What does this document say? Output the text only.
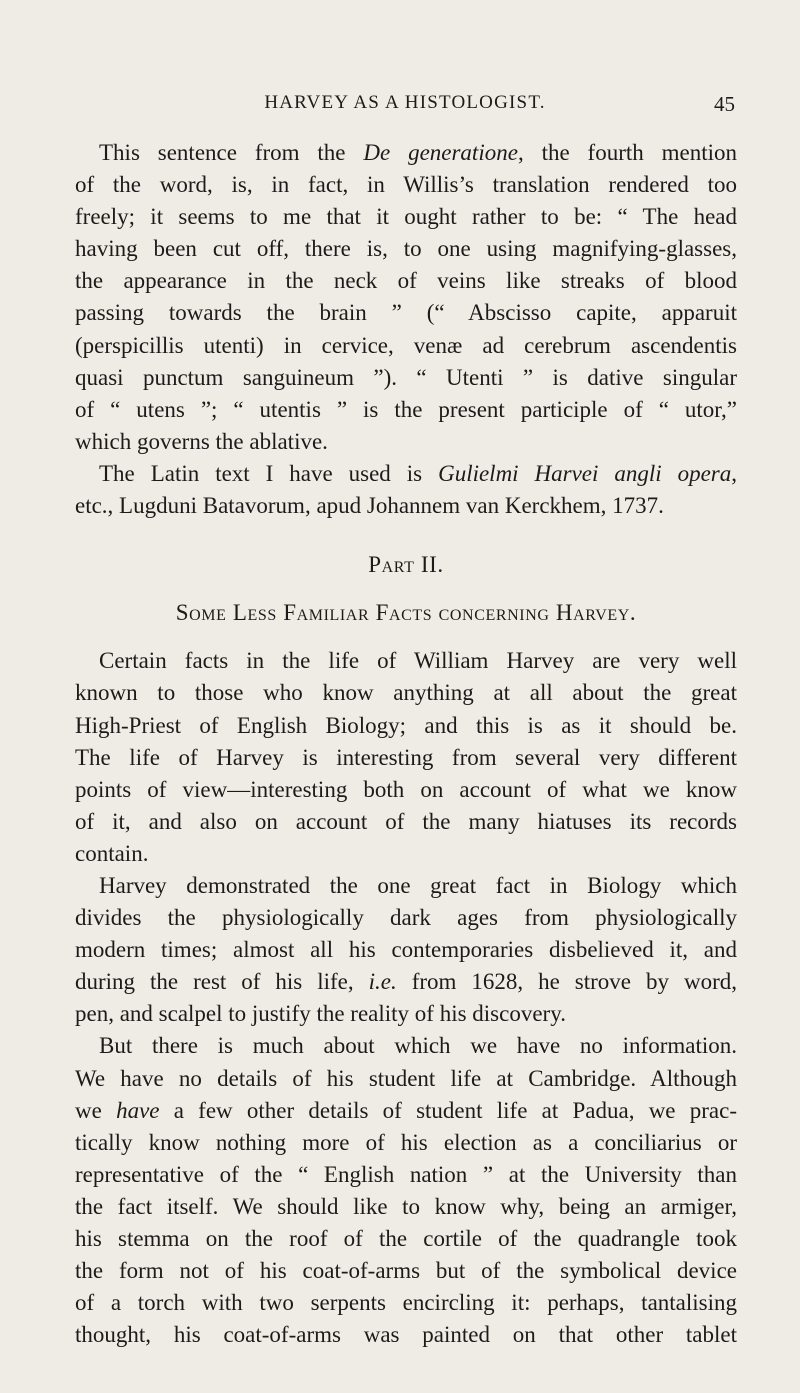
HARVEY AS A HISTOLOGIST.	45
This sentence from the De generatione, the fourth mention
of the word, is, in fact, in Willis’s translation rendered too
freely; it seems to me that it ought rather to be: “ The head
having been cut off, there is, to one using magnifying-glasses,
the appearance in the neck of veins like streaks of blood
passing towards the brain ” (“ Abscisso capite, apparuit
(perspicillis utenti) in cervice, venæ ad cerebrum ascendentis
quasi punctum sanguineum ”). “ Utenti ” is dative singular
of “ utens ”; “ utentis ” is the present participle of “ utor,”
which governs the ablative.
The Latin text I have used is Gulielmi Harvei angli opera,
etc., Lugduni Batavorum, apud Johannem van Kerckhem, 1737.
Part II.
Some Less Familiar Facts concerning Harvey.
Certain facts in the life of William Harvey are very well
known to those who know anything at all about the great
High-Priest of English Biology; and this is as it should be.
The life of Harvey is interesting from several very different
points of view—interesting both on account of what we know
of it, and also on account of the many hiatuses its records
contain.
Harvey demonstrated the one great fact in Biology which
divides the physiologically dark ages from physiologically
modern times; almost all his contemporaries disbelieved it, and
during the rest of his life, i.e. from 1628, he strove by word,
pen, and scalpel to justify the reality of his discovery.
But there is much about which we have no information.
We have no details of his student life at Cambridge. Although
we have a few other details of student life at Padua, we prac-
tically know nothing more of his election as a conciliarius or
representative of the “ English nation ” at the University than
the fact itself. We should like to know why, being an armiger,
his stemma on the roof of the cortile of the quadrangle took
the form not of his coat-of-arms but of the symbolical device
of a torch with two serpents encircling it: perhaps, tantalising
thought, his coat-of-arms was painted on that other tablet
